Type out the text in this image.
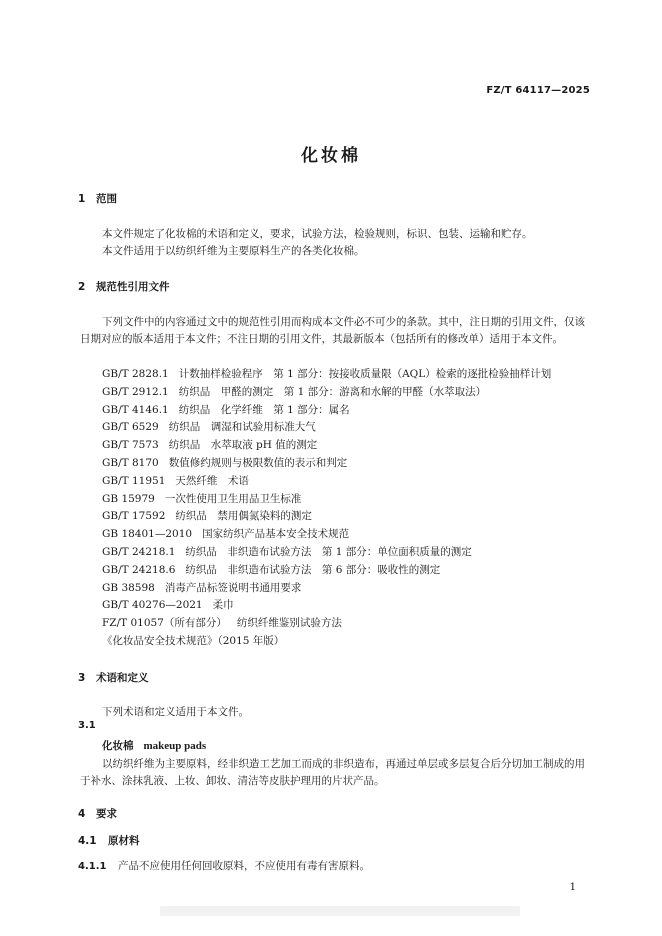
FZ/T 64117—2025
化妆棉
1 范围
本文件规定了化妆棉的术语和定义，要求，试验方法，检验规则，标识、包装、运输和贮存。
本文件适用于以纺织纤维为主要原料生产的各类化妆棉。
2 规范性引用文件
下列文件中的内容通过文中的规范性引用而构成本文件必不可少的条款。其中，注日期的引用文件，仅该日期对应的版本适用于本文件；不注日期的引用文件，其最新版本（包括所有的修改单）适用于本文件。
GB/T 2828.1 计数抽样检验程序　第 1 部分：按接收质量限（AQL）检索的逐批检验抽样计划
GB/T 2912.1 纺织品　甲醛的测定　第 1 部分：游离和水解的甲醛（水萃取法）
GB/T 4146.1 纺织品　化学纤维　第 1 部分：属名
GB/T 6529 纺织品　调湿和试验用标准大气
GB/T 7573 纺织品　水萃取液 pH 值的测定
GB/T 8170 数值修约规则与极限数值的表示和判定
GB/T 11951 天然纤维　术语
GB 15979 一次性使用卫生用品卫生标准
GB/T 17592 纺织品　禁用偶氮染料的测定
GB 18401—2010 国家纺织产品基本安全技术规范
GB/T 24218.1 纺织品　非织造布试验方法　第 1 部分：单位面积质量的测定
GB/T 24218.6 纺织品　非织造布试验方法　第 6 部分：吸收性的测定
GB 38598 消毒产品标签说明书通用要求
GB/T 40276—2021 柔巾
FZ/T 01057（所有部分） 纺织纤维鉴别试验方法
《化妆品安全技术规范》（2015 年版）
3 术语和定义
下列术语和定义适用于本文件。
3.1
化妆棉 makeup pads
以纺织纤维为主要原料，经非织造工艺加工而成的非织造布，再通过单层或多层复合后分切加工制成的用于补水、涂抹乳液、上妆、卸妆、清洁等皮肤护理用的片状产品。
4 要求
4.1 原材料
4.1.1 产品不应使用任何回收原料，不应使用有毒有害原料。
1
